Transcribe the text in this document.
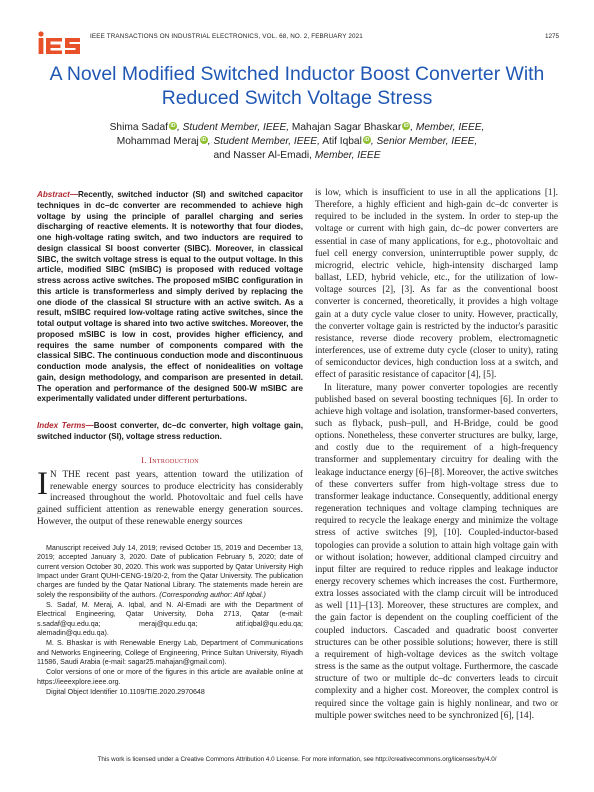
IEEE TRANSACTIONS ON INDUSTRIAL ELECTRONICS, VOL. 68, NO. 2, FEBRUARY 2021	1275
A Novel Modified Switched Inductor Boost Converter With Reduced Switch Voltage Stress
Shima Sadaf iD , Student Member, IEEE, Mahajan Sagar Bhaskar iD , Member, IEEE,
Mohammad Meraj iD , Student Member, IEEE, Atif Iqbal iD , Senior Member, IEEE,
and Nasser Al-Emadi, Member, IEEE
Abstract—Recently, switched inductor (SI) and switched capacitor techniques in dc–dc converter are recommended to achieve high voltage by using the principle of parallel charging and series discharging of reactive elements. It is noteworthy that four diodes, one high-voltage rating switch, and two inductors are required to design classical SI boost converter (SIBC). Moreover, in classical SIBC, the switch voltage stress is equal to the output voltage. In this article, modified SIBC (mSIBC) is proposed with reduced voltage stress across active switches. The proposed mSIBC configuration in this article is transformerless and simply derived by replacing the one diode of the classical SI structure with an active switch. As a result, mSIBC required low-voltage rating active switches, since the total output voltage is shared into two active switches. Moreover, the proposed mSIBC is low in cost, provides higher efficiency, and requires the same number of components compared with the classical SIBC. The continuous conduction mode and discontinuous conduction mode analysis, the effect of nonidealities on voltage gain, design methodology, and comparison are presented in detail. The operation and performance of the designed 500-W mSIBC are experimentally validated under different perturbations.
Index Terms—Boost converter, dc–dc converter, high voltage gain, switched inductor (SI), voltage stress reduction.
I. Introduction
I N THE recent past years, attention toward the utilization of renewable energy sources to produce electricity has considerably increased throughout the world. Photovoltaic and fuel cells have gained sufficient attention as renewable energy generation sources. However, the output of these renewable energy sources

Manuscript received July 14, 2019; revised October 15, 2019 and December 13, 2019; accepted January 3, 2020. Date of publication February 5, 2020; date of current version October 30, 2020. This work was supported by Qatar University High Impact under Grant QUHI-CENG-19/20-2, from the Qatar University. The publication charges are funded by the Qatar National Library. The statements made herein are solely the responsibility of the authors. (Corresponding author: Atif Iqbal.)

S. Sadaf, M. Meraj, A. Iqbal, and N. Al-Emadi are with the Department of Electrical Engineering, Qatar University, Doha 2713, Qatar (e-mail: s.sadaf@qu.edu.qa; meraj@qu.edu.qa; atif.iqbal@qu.edu.qa; alemadin@qu.edu.qa).

M. S. Bhaskar is with Renewable Energy Lab, Department of Communications and Networks Engineering, College of Engineering, Prince Sultan University, Riyadh 11586, Saudi Arabia (e-mail: sagar25.mahajan@gmail.com).

Color versions of one or more of the figures in this article are available online at https://ieeexplore.ieee.org.

Digital Object Identifier 10.1109/TIE.2020.2970648

is low, which is insufficient to use in all the applications [1]. Therefore, a highly efficient and high-gain dc–dc converter is required to be included in the system. In order to step-up the voltage or current with high gain, dc–dc power converters are essential in case of many applications, for e.g., photovoltaic and fuel cell energy conversion, uninterruptible power supply, dc microgrid, electric vehicle, high-intensity discharged lamp ballast, LED, hybrid vehicle, etc., for the utilization of low-voltage sources [2], [3]. As far as the conventional boost converter is concerned, theoretically, it provides a high voltage gain at a duty cycle value closer to unity. However, practically, the converter voltage gain is restricted by the inductor's parasitic resistance, reverse diode recovery problem, electromagnetic interferences, use of extreme duty cycle (closer to unity), rating of semiconductor devices, high conduction loss at a switch, and effect of parasitic resistance of capacitor [4], [5].

In literature, many power converter topologies are recently published based on several boosting techniques [6]. In order to achieve high voltage and isolation, transformer-based converters, such as flyback, push–pull, and H-Bridge, could be good options. Nonetheless, these converter structures are bulky, large, and costly due to the requirement of a high-frequency transformer and supplementary circuitry for dealing with the leakage inductance energy [6]–[8]. Moreover, the active switches of these converters suffer from high-voltage stress due to transformer leakage inductance. Consequently, additional energy regeneration techniques and voltage clamping techniques are required to recycle the leakage energy and minimize the voltage stress of active switches [9], [10]. Coupled-inductor-based topologies can provide a solution to attain high voltage gain with or without isolation; however, additional clamped circuitry and input filter are required to reduce ripples and leakage inductor energy recovery schemes which increases the cost. Furthermore, extra losses associated with the clamp circuit will be introduced as well [11]–[13]. Moreover, these structures are complex, and the gain factor is dependent on the coupling coefficient of the coupled inductors. Cascaded and quadratic boost converter structures can be other possible solutions; however, there is still a requirement of high-voltage devices as the switch voltage stress is the same as the output voltage. Furthermore, the cascade structure of two or multiple dc–dc converters leads to circuit complexity and a higher cost. Moreover, the complex control is required since the voltage gain is highly nonlinear, and two or multiple power switches need to be synchronized [6], [14].

This work is licensed under a Creative Commons Attribution 4.0 License. For more information, see http://creativecommons.org/licenses/by/4.0/
